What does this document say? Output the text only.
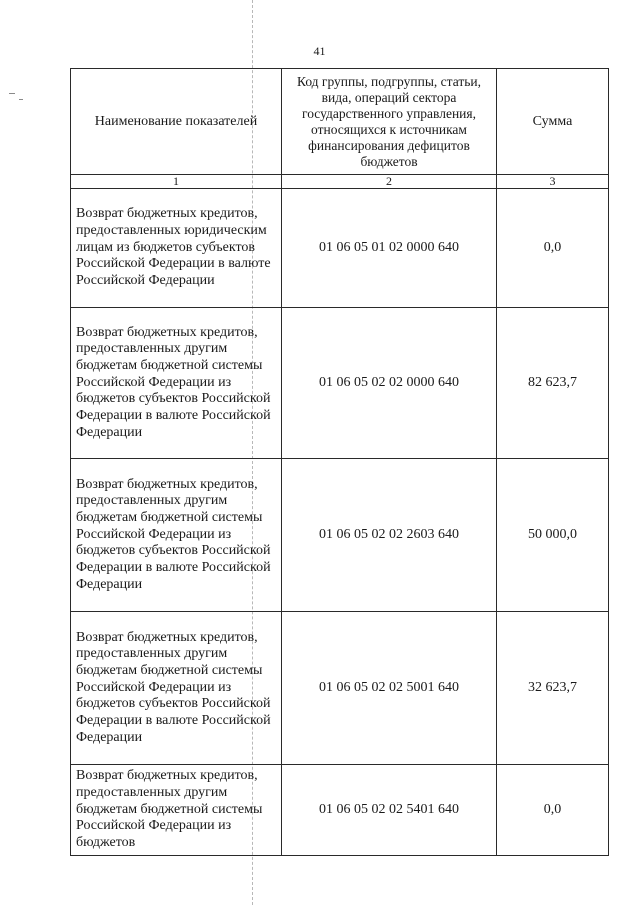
41
Наименование показателей	Код группы, подгруппы, статьи, вида, операций сектора государственного управления, относящихся к источникам финансирования дефицитов бюджетов	Сумма
1	2	3
Возврат бюджетных кредитов, предоставленных юридическим лицам из бюджетов субъектов Российской Федерации в валюте Российской Федерации	01 06 05 01 02 0000 640	0,0
Возврат бюджетных кредитов, предоставленных другим бюджетам бюджетной системы Российской Федерации из бюджетов субъектов Российской Федерации в валюте Российской Федерации	01 06 05 02 02 0000 640	82 623,7
Возврат бюджетных кредитов, предоставленных другим бюджетам бюджетной системы Российской Федерации из бюджетов субъектов Российской Федерации в валюте Российской Федерации	01 06 05 02 02 2603 640	50 000,0
Возврат бюджетных кредитов, предоставленных другим бюджетам бюджетной системы Российской Федерации из бюджетов субъектов Российской Федерации в валюте Российской Федерации	01 06 05 02 02 5001 640	32 623,7
Возврат бюджетных кредитов, предоставленных другим бюджетам бюджетной системы Российской Федерации из бюджетов	01 06 05 02 02 5401 640	0,0
